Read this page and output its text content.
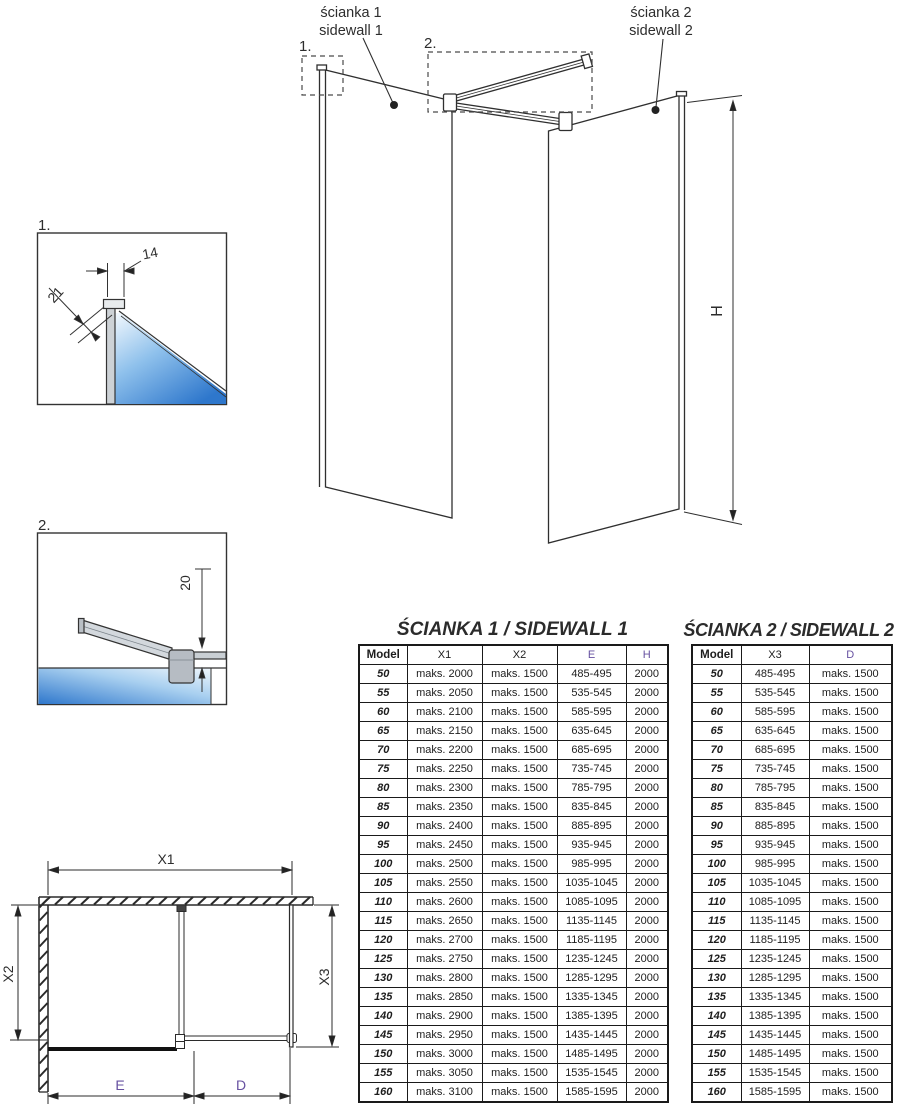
ścianka 1
sidewall 1
ścianka 2
sidewall 2
1.	2.
H
1.
14
21
2.
20
X1
X2	X3
E	D
ŚCIANKA 1 / SIDEWALL 1
Model	X1	X2	E	H
50	maks. 2000	maks. 1500	485-495	2000
55	maks. 2050	maks. 1500	535-545	2000
60	maks. 2100	maks. 1500	585-595	2000
65	maks. 2150	maks. 1500	635-645	2000
70	maks. 2200	maks. 1500	685-695	2000
75	maks. 2250	maks. 1500	735-745	2000
80	maks. 2300	maks. 1500	785-795	2000
85	maks. 2350	maks. 1500	835-845	2000
90	maks. 2400	maks. 1500	885-895	2000
95	maks. 2450	maks. 1500	935-945	2000
100	maks. 2500	maks. 1500	985-995	2000
105	maks. 2550	maks. 1500	1035-1045	2000
110	maks. 2600	maks. 1500	1085-1095	2000
115	maks. 2650	maks. 1500	1135-1145	2000
120	maks. 2700	maks. 1500	1185-1195	2000
125	maks. 2750	maks. 1500	1235-1245	2000
130	maks. 2800	maks. 1500	1285-1295	2000
135	maks. 2850	maks. 1500	1335-1345	2000
140	maks. 2900	maks. 1500	1385-1395	2000
145	maks. 2950	maks. 1500	1435-1445	2000
150	maks. 3000	maks. 1500	1485-1495	2000
155	maks. 3050	maks. 1500	1535-1545	2000
160	maks. 3100	maks. 1500	1585-1595	2000
ŚCIANKA 2 / SIDEWALL 2
Model	X3	D
50	485-495	maks. 1500
55	535-545	maks. 1500
60	585-595	maks. 1500
65	635-645	maks. 1500
70	685-695	maks. 1500
75	735-745	maks. 1500
80	785-795	maks. 1500
85	835-845	maks. 1500
90	885-895	maks. 1500
95	935-945	maks. 1500
100	985-995	maks. 1500
105	1035-1045	maks. 1500
110	1085-1095	maks. 1500
115	1135-1145	maks. 1500
120	1185-1195	maks. 1500
125	1235-1245	maks. 1500
130	1285-1295	maks. 1500
135	1335-1345	maks. 1500
140	1385-1395	maks. 1500
145	1435-1445	maks. 1500
150	1485-1495	maks. 1500
155	1535-1545	maks. 1500
160	1585-1595	maks. 1500
